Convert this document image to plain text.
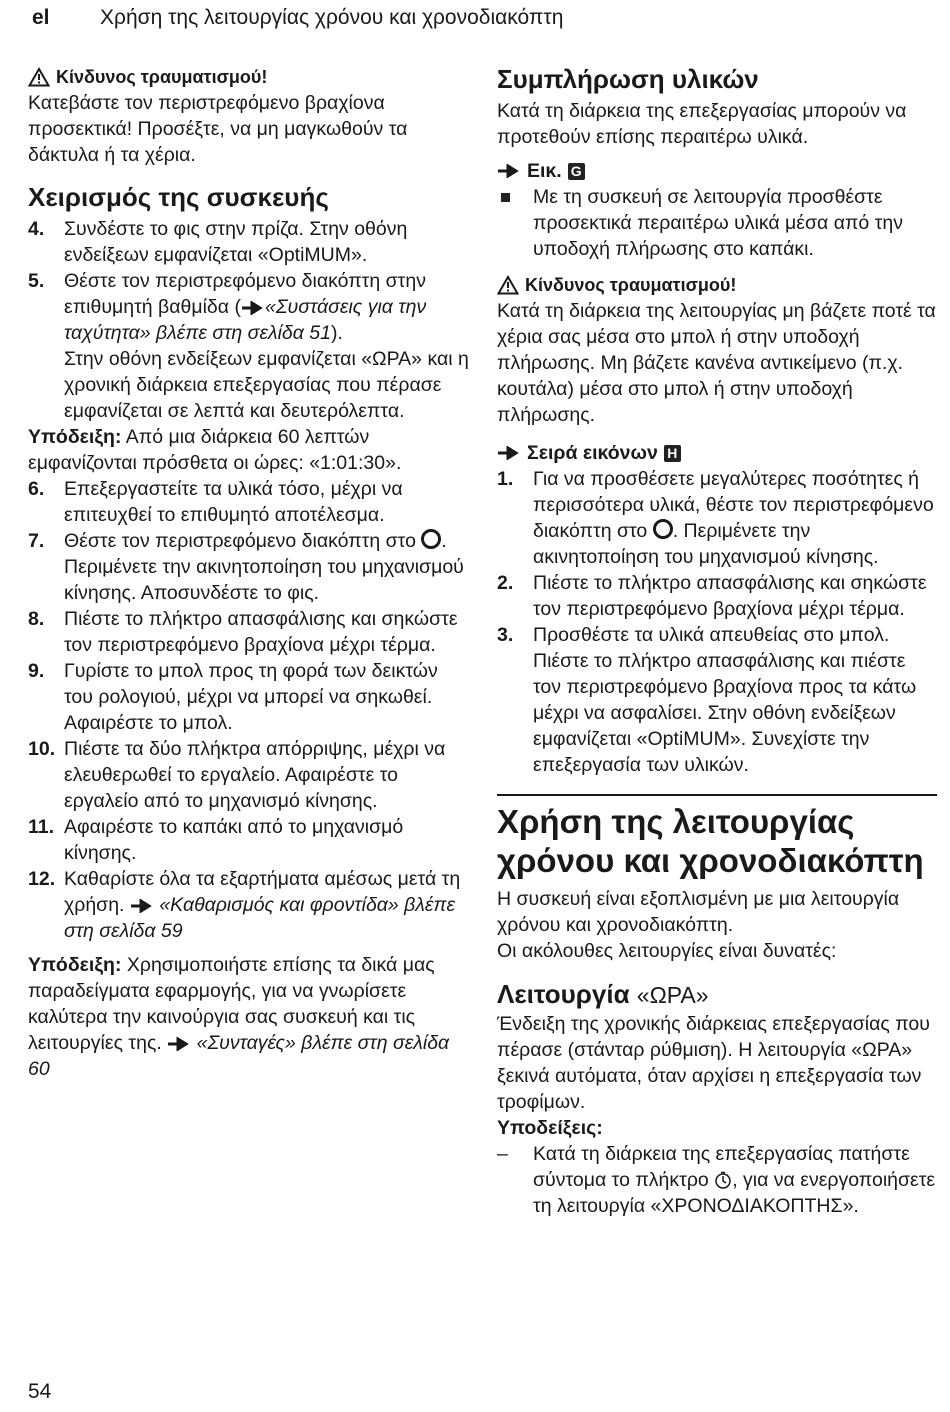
el Χρήση της λειτουργίας χρόνου και χρονοδιακόπτη
Κίνδυνος τραυματισμού!

Κατεβάστε τον περιστρεφόμενο βραχίονα προσεκτικά! Προσέξτε, να μη μαγκωθούν τα δάκτυλα ή τα χέρια.

Χειρισμός της συσκευής
4.	Συνδέστε το φις στην πρίζα. Στην οθόνη ενδείξεων εμφανίζεται «OptiMUM».
5.	Θέστε τον περιστρεφόμενο διακόπτη στην επιθυμητή βαθμίδα ( «Συστάσεις για την ταχύτητα» βλέπε στη σελίδα 51).
Στην οθόνη ενδείξεων εμφανίζεται «ΩΡΑ» και η χρονική διάρκεια επεξεργασίας που πέρασε εμφανίζεται σε λεπτά και δευτερόλεπτα.

Υπόδειξη: Από μια διάρκεια 60 λεπτών εμφανίζονται πρόσθετα οι ώρες: «1:01:30».

6.	Επεξεργαστείτε τα υλικά τόσο, μέχρι να επιτευχθεί το επιθυμητό αποτέλεσμα.
7.	Θέστε τον περιστρεφόμενο διακόπτη στο . Περιμένετε την ακινητοποίηση του μηχανισμού κίνησης. Αποσυνδέστε το φις.
8.	Πιέστε το πλήκτρο απασφάλισης και σηκώστε τον περιστρεφόμενο βραχίονα μέχρι τέρμα.
9.	Γυρίστε το μπολ προς τη φορά των δεικτών του ρολογιού, μέχρι να μπορεί να σηκωθεί. Αφαιρέστε το μπολ.
10. Πιέστε τα δύο πλήκτρα απόρριψης, μέχρι να ελευθερωθεί το εργαλείο. Αφαιρέστε το εργαλείο από το μηχανισμό κίνησης.
11. Αφαιρέστε το καπάκι από το μηχανισμό κίνησης.
12. Καθαρίστε όλα τα εξαρτήματα αμέσως μετά τη χρήση. «Καθαρισμός και φροντίδα» βλέπε στη σελίδα 59

Υπόδειξη: Χρησιμοποιήστε επίσης τα δικά μας παραδείγματα εφαρμογής, για να γνωρίσετε καλύτερα την καινούργια σας συσκευή και τις λειτουργίες της. «Συνταγές» βλέπε στη σελίδα 60

Συμπλήρωση υλικών

Κατά τη διάρκεια της επεξεργασίας μπορούν να προτεθούν επίσης περαιτέρω υλικά.

Εικ. G
Με τη συσκευή σε λειτουργία προσθέστε προσεκτικά περαιτέρω υλικά μέσα από την υποδοχή πλήρωσης στο καπάκι.
Κίνδυνος τραυματισμού!

Κατά τη διάρκεια της λειτουργίας μη βάζετε ποτέ τα χέρια σας μέσα στο μπολ ή στην υποδοχή πλήρωσης. Μη βάζετε κανένα αντικείμενο (π.χ. κουτάλα) μέσα στο μπολ ή στην υποδοχή πλήρωσης.

Σειρά εικόνων H
1.	Για να προσθέσετε μεγαλύτερες ποσότητες ή περισσότερα υλικά, θέστε τον περιστρεφόμενο διακόπτη στο . Περιμένετε την ακινητοποίηση του μηχανισμού κίνησης.
2.	Πιέστε το πλήκτρο απασφάλισης και σηκώστε τον περιστρεφόμενο βραχίονα μέχρι τέρμα.
3.	Προσθέστε τα υλικά απευθείας στο μπολ. Πιέστε το πλήκτρο απασφάλισης και πιέστε τον περιστρεφόμενο βραχίονα προς τα κάτω μέχρι να ασφαλίσει. Στην οθόνη ενδείξεων εμφανίζεται «OptiMUM». Συνεχίστε την επεξεργασία των υλικών.
Χρήση της λειτουργίας χρόνου και χρονοδιακόπτη

Η συσκευή είναι εξοπλισμένη με μια λειτουργία χρόνου και χρονοδιακόπτη.

Οι ακόλουθες λειτουργίες είναι δυνατές:

Λειτουργία «ΩΡΑ»

Ένδειξη της χρονικής διάρκειας επεξεργασίας που πέρασε (στάνταρ ρύθμιση). Η λειτουργία «ΩΡΑ» ξεκινά αυτόματα, όταν αρχίσει η επεξεργασία των τροφίμων.

Υποδείξεις:

–	Κατά τη διάρκεια της επεξεργασίας πατήστε σύντομα το πλήκτρο , για να ενεργοποιήσετε τη λειτουργία «ΧΡΟΝΟΔΙΑΚΟΠΤΗΣ».
54
